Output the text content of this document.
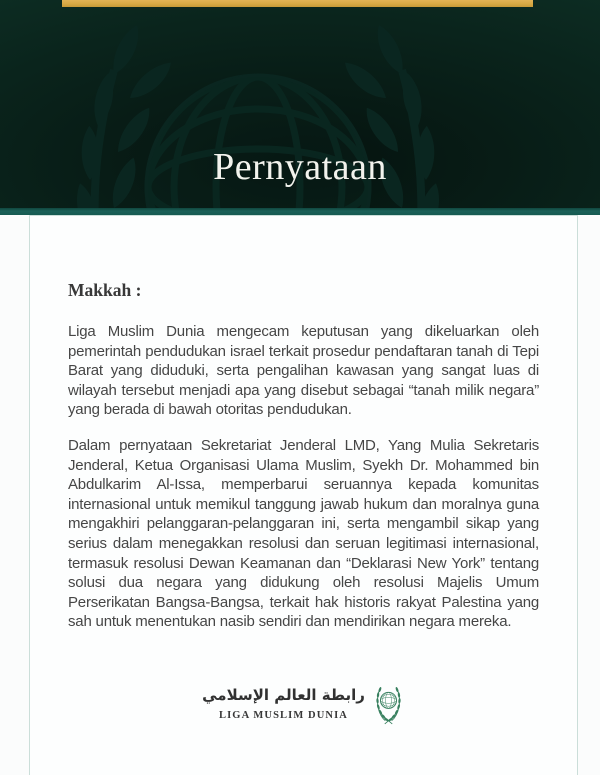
Pernyataan
Makkah :

Liga Muslim Dunia mengecam keputusan yang dikeluarkan oleh pemerintah pendudukan israel terkait prosedur pendaftaran tanah di Tepi Barat yang diduduki, serta pengalihan kawasan yang sangat luas di wilayah tersebut menjadi apa yang disebut sebagai “tanah milik negara” yang berada di bawah otoritas pendudukan.

Dalam pernyataan Sekretariat Jenderal LMD, Yang Mulia Sekretaris Jenderal, Ketua Organisasi Ulama Muslim, Syekh Dr. Mohammed bin Abdulkarim Al-Issa, memperbarui seruannya kepada komunitas internasional untuk memikul tanggung jawab hukum dan moralnya guna mengakhiri pelanggaran-pelanggaran ini, serta mengambil sikap yang serius dalam menegakkan resolusi dan seruan legitimasi internasional, termasuk resolusi Dewan Keamanan dan “Deklarasi New York” tentang solusi dua negara yang didukung oleh resolusi Majelis Umum Perserikatan Bangsa-Bangsa, terkait hak historis rakyat Palestina yang sah untuk menentukan nasib sendiri dan mendirikan negara mereka.

رابطة العالم الإسلامي
LIGA MUSLIM DUNIA
